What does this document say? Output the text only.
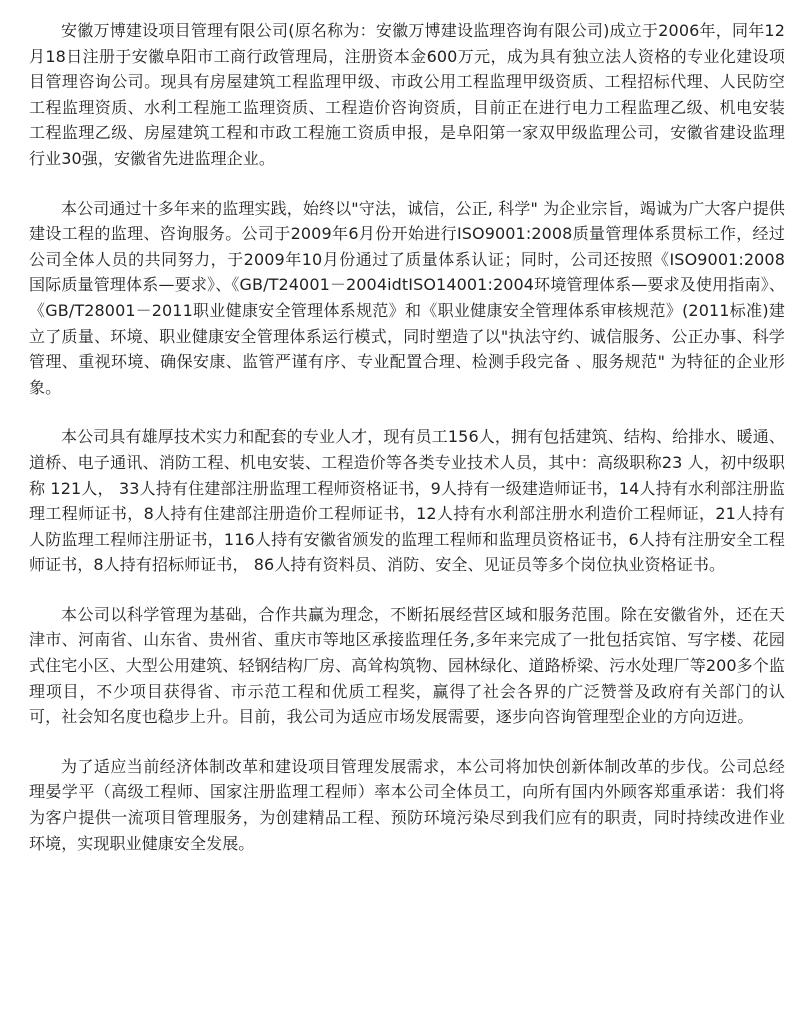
安徽万博建设项目管理有限公司(原名称为：安徽万博建设监理咨询有限公司)成立于2006年，同年12月18日注册于安徽阜阳市工商行政管理局，注册资本金600万元，成为具有独立法人资格的专业化建设项目管理咨询公司。现具有房屋建筑工程监理甲级、市政公用工程监理甲级资质、工程招标代理、人民防空工程监理资质、水利工程施工监理资质、工程造价咨询资质，目前正在进行电力工程监理乙级、机电安装工程监理乙级、房屋建筑工程和市政工程施工资质申报，是阜阳第一家双甲级监理公司，安徽省建设监理行业30强，安徽省先进监理企业。

本公司通过十多年来的监理实践，始终以"守法，诚信，公正, 科学" 为企业宗旨，竭诚为广大客户提供建设工程的监理、咨询服务。公司于2009年6月份开始进行ISO9001:2008质量管理体系贯标工作，经过公司全体人员的共同努力，于2009年10月份通过了质量体系认证；同时，公司还按照《ISO9001:2008国际质量管理体系—要求》、《GB/T24001－2004idtISO14001:2004环境管理体系—要求及使用指南》、《GB/T28001－2011职业健康安全管理体系规范》和《职业健康安全管理体系审核规范》(2011标准)建立了质量、环境、职业健康安全管理体系运行模式，同时塑造了以"执法守约、诚信服务、公正办事、科学管理、重视环境、确保安康、监管严谨有序、专业配置合理、检测手段完备 、服务规范" 为特征的企业形象。

本公司具有雄厚技术实力和配套的专业人才，现有员工156人，拥有包括建筑、结构、给排水、暖通、道桥、电子通讯、消防工程、机电安装、工程造价等各类专业技术人员，其中：高级职称23 人，初中级职称 121人， 33人持有住建部注册监理工程师资格证书，9人持有一级建造师证书，14人持有水利部注册监理工程师证书，8人持有住建部注册造价工程师证书，12人持有水利部注册水利造价工程师证，21人持有人防监理工程师注册证书，116人持有安徽省颁发的监理工程师和监理员资格证书，6人持有注册安全工程师证书，8人持有招标师证书， 86人持有资料员、消防、安全、见证员等多个岗位执业资格证书。

本公司以科学管理为基础，合作共赢为理念，不断拓展经营区域和服务范围。除在安徽省外，还在天津市、河南省、山东省、贵州省、重庆市等地区承接监理任务,多年来完成了一批包括宾馆、写字楼、花园式住宅小区、大型公用建筑、轻钢结构厂房、高耸构筑物、园林绿化、道路桥梁、污水处理厂等200多个监理项目，不少项目获得省、市示范工程和优质工程奖，赢得了社会各界的广泛赞誉及政府有关部门的认可，社会知名度也稳步上升。目前，我公司为适应市场发展需要，逐步向咨询管理型企业的方向迈进。

为了适应当前经济体制改革和建设项目管理发展需求，本公司将加快创新体制改革的步伐。公司总经理晏学平（高级工程师、国家注册监理工程师）率本公司全体员工，向所有国内外顾客郑重承诺：我们将为客户提供一流项目管理服务，为创建精品工程、预防环境污染尽到我们应有的职责，同时持续改进作业环境，实现职业健康安全发展。
